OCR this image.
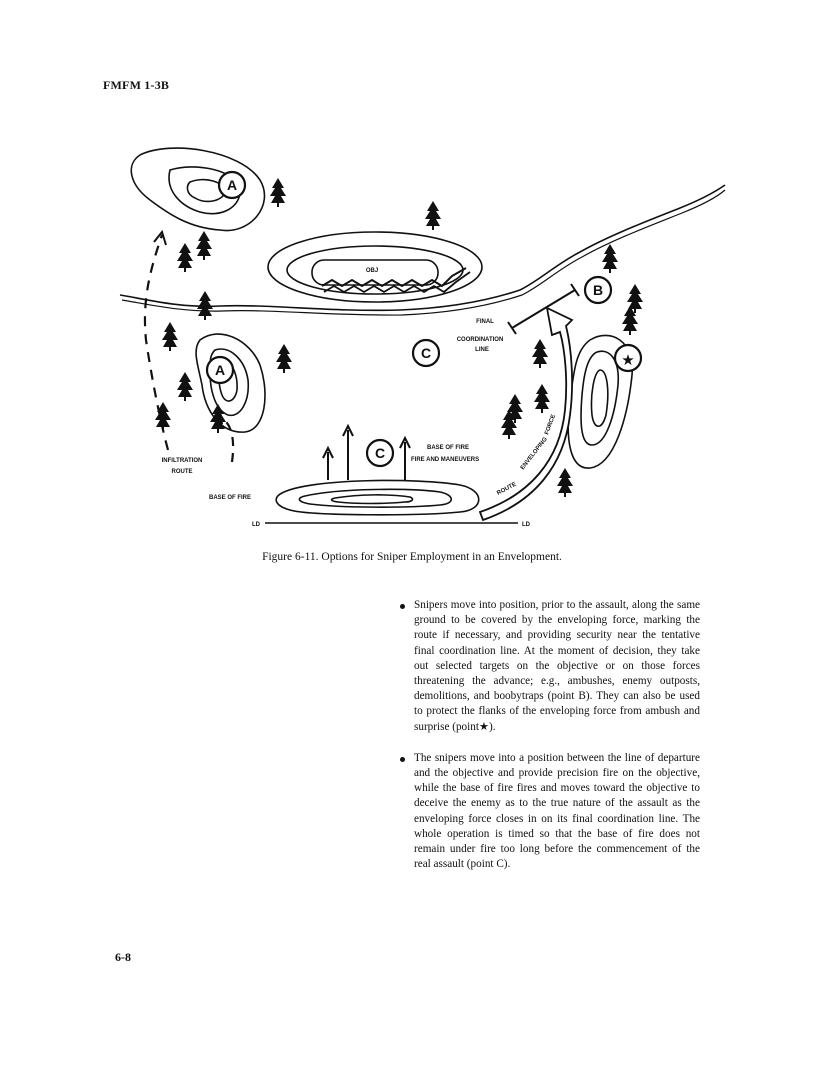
FMFM 1-3B
A
OBJ
A
★
C
C
B
LD	LD
FINAL
COORDINATION
LINE
BASE OF FIRE
FIRE AND MANEUVERS
INFILTRATION
ROUTE
BASE OF FIRE
ROUTE
ENVELOPING
FORCE
Figure 6-11. Options for Sniper Employment in an Envelopment.
Snipers move into position, prior to the assault, along the same ground to be covered by the enveloping force, marking the route if necessary, and providing security near the tentative final coordination line. At the moment of decision, they take out selected targets on the objective or on those forces threatening the advance; e.g., ambushes, enemy outposts, demolitions, and boobytraps (point B). They can also be used to protect the flanks of the enveloping force from ambush and surprise (point★).
The snipers move into a position between the line of departure and the objective and provide precision fire on the objective, while the base of fire fires and moves toward the objective to deceive the enemy as to the true nature of the assault as the enveloping force closes in on its final coordination line. The whole operation is timed so that the base of fire does not remain under fire too long before the commencement of the real assault (point C).
6-8
